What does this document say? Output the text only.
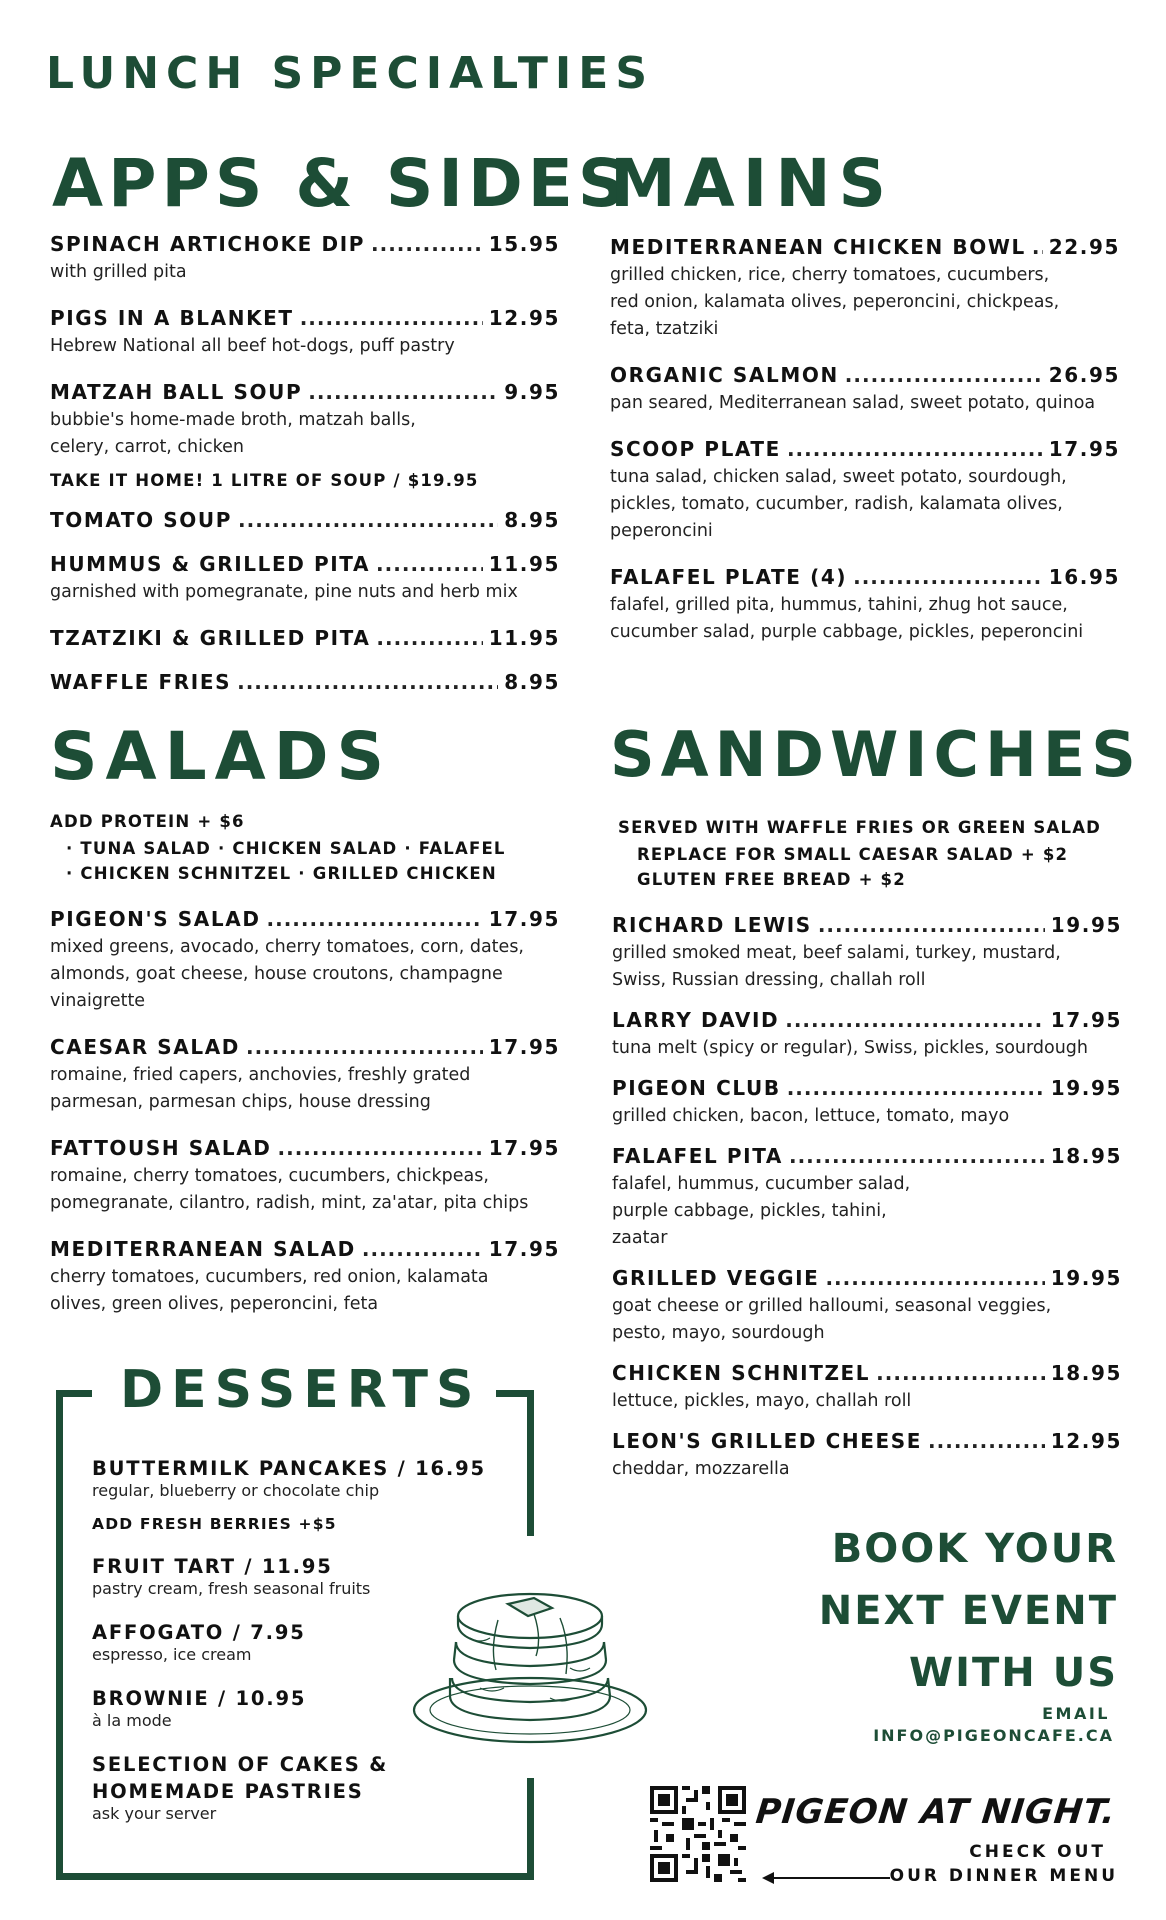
LUNCH SPECIALTIES
APPS & SIDES
SPINACH ARTICHOKE DIP .....	15.95
with grilled pita
PIGS IN A BLANKET .....	12.95
Hebrew National all beef hot-dogs, puff pastry
MATZAH BALL SOUP .....	9.95
bubbie's home-made broth, matzah balls, celery, carrot, chicken
TAKE IT HOME! 1 LITRE OF SOUP / $19.95
TOMATO SOUP .....	8.95
HUMMUS & GRILLED PITA .....	11.95
garnished with pomegranate, pine nuts and herb mix
TZATZIKI & GRILLED PITA .....	11.95
WAFFLE FRIES .....	8.95
MAINS
MEDITERRANEAN CHICKEN BOWL ..... 22.95
grilled chicken, rice, cherry tomatoes, cucumbers, red onion, kalamata olives, peperoncini, chickpeas, feta, tzatziki
ORGANIC SALMON .....	26.95
pan seared, Mediterranean salad, sweet potato, quinoa
SCOOP PLATE .....	17.95
tuna salad, chicken salad, sweet potato, sourdough, pickles, tomato, cucumber, radish, kalamata olives, peperoncini
FALAFEL PLATE (4) .....	16.95
falafel, grilled pita, hummus, tahini, zhug hot sauce, cucumber salad, purple cabbage, pickles, peperoncini
SALADS
ADD PROTEIN + $6
· TUNA SALAD · CHICKEN SALAD · FALAFEL
· CHICKEN SCHNITZEL · GRILLED CHICKEN
PIGEON'S SALAD .....	17.95
mixed greens, avocado, cherry tomatoes, corn, dates, almonds, goat cheese, house croutons, champagne vinaigrette
CAESAR SALAD .....	17.95
romaine, fried capers, anchovies, freshly grated parmesan, parmesan chips, house dressing
FATTOUSH SALAD .....	17.95
romaine, cherry tomatoes, cucumbers, chickpeas, pomegranate, cilantro, radish, mint, za'atar, pita chips
MEDITERRANEAN SALAD .....	17.95
cherry tomatoes, cucumbers, red onion, kalamata olives, green olives, peperoncini, feta
SANDWICHES
SERVED WITH WAFFLE FRIES OR GREEN SALAD
REPLACE FOR SMALL CAESAR SALAD + $2
GLUTEN FREE BREAD + $2
RICHARD LEWIS .....	19.95
grilled smoked meat, beef salami, turkey, mustard, Swiss, Russian dressing, challah roll
LARRY DAVID .....	17.95
tuna melt (spicy or regular), Swiss, pickles, sourdough
PIGEON CLUB .....	19.95
grilled chicken, bacon, lettuce, tomato, mayo
FALAFEL PITA .....	18.95
falafel, hummus, cucumber salad, purple cabbage, pickles, tahini, zaatar
GRILLED VEGGIE .....	19.95
goat cheese or grilled halloumi, seasonal veggies, pesto, mayo, sourdough
CHICKEN SCHNITZEL .....	18.95
lettuce, pickles, mayo, challah roll
LEON'S GRILLED CHEESE .....	12.95
cheddar, mozzarella
DESSERTS
BUTTERMILK PANCAKES / 16.95
regular, blueberry or chocolate chip
ADD FRESH BERRIES +$5
FRUIT TART / 11.95
pastry cream, fresh seasonal fruits
AFFOGATO / 7.95
espresso, ice cream
BROWNIE / 10.95
à la mode
SELECTION OF CAKES &
HOMEMADE PASTRIES
ask your server
BOOK YOUR
NEXT EVENT
WITH US
EMAIL
INFO@PIGEONCAFE.CA
PIGEON AT NIGHT.
CHECK OUT
OUR DINNER MENU
